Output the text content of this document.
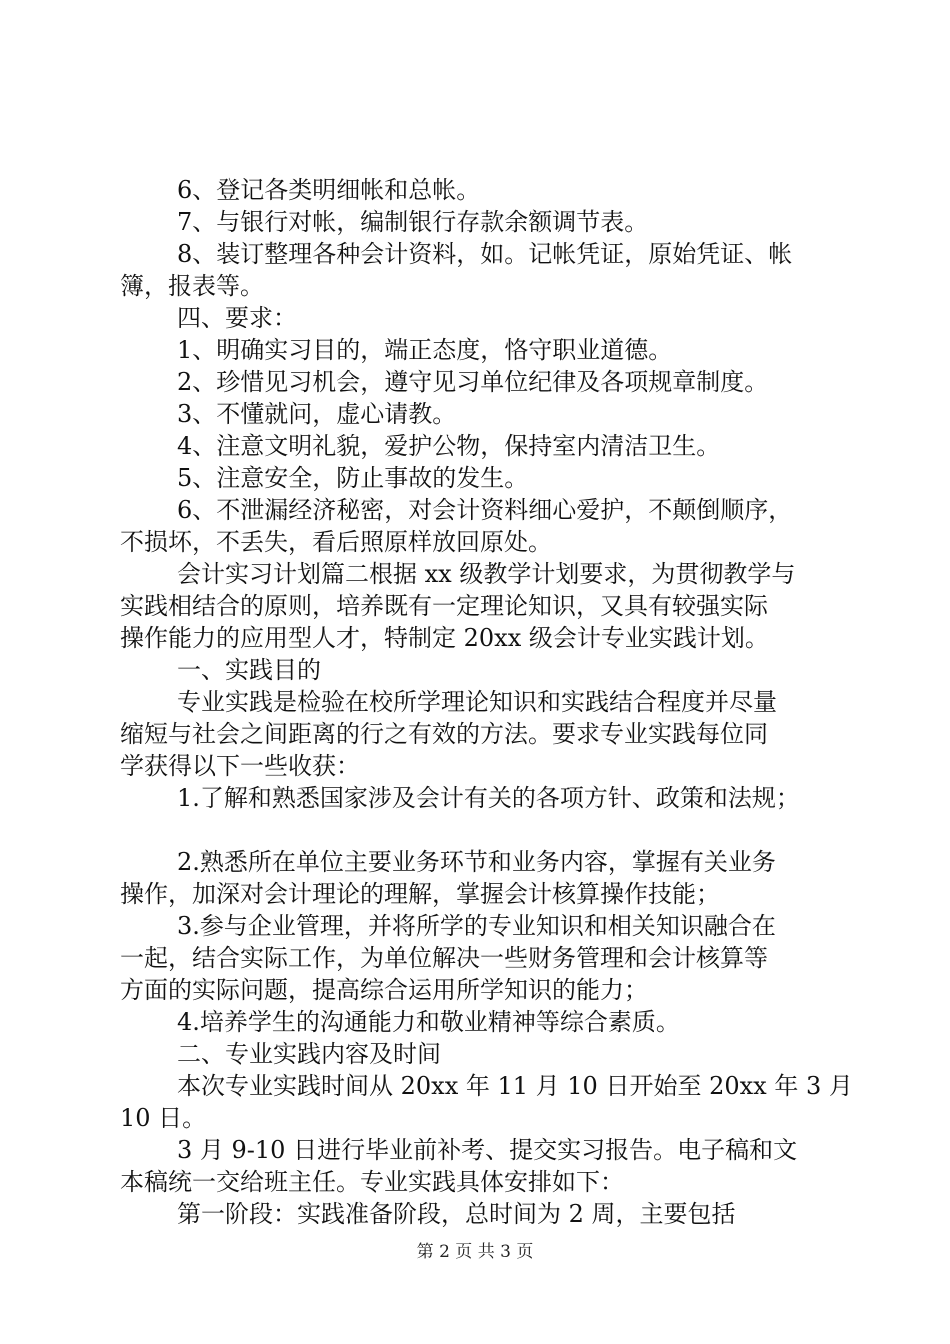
6、登记各类明细帐和总帐。
7、与银行对帐，编制银行存款余额调节表。
8、装订整理各种会计资料，如。记帐凭证，原始凭证、帐
簿，报表等。
四、要求：
1、明确实习目的，端正态度，恪守职业道德。
2、珍惜见习机会，遵守见习单位纪律及各项规章制度。
3、不懂就问，虚心请教。
4、注意文明礼貌，爱护公物，保持室内清洁卫生。
5、注意安全，防止事故的发生。
6、不泄漏经济秘密，对会计资料细心爱护，不颠倒顺序，
不损坏，不丢失，看后照原样放回原处。
会计实习计划篇二根据 xx 级教学计划要求，为贯彻教学与
实践相结合的原则，培养既有一定理论知识，又具有较强实际
操作能力的应用型人才，特制定 20xx 级会计专业实践计划。
一、实践目的
专业实践是检验在校所学理论知识和实践结合程度并尽量
缩短与社会之间距离的行之有效的方法。要求专业实践每位同
学获得以下一些收获：
1.了解和熟悉国家涉及会计有关的各项方针、政策和法规；
2.熟悉所在单位主要业务环节和业务内容，掌握有关业务
操作，加深对会计理论的理解，掌握会计核算操作技能；
3.参与企业管理，并将所学的专业知识和相关知识融合在
一起，结合实际工作，为单位解决一些财务管理和会计核算等
方面的实际问题，提高综合运用所学知识的能力；
4.培养学生的沟通能力和敬业精神等综合素质。
二、专业实践内容及时间
本次专业实践时间从 20xx 年 11 月 10 日开始至 20xx 年 3 月
10 日。
3 月 9-10 日进行毕业前补考、提交实习报告。电子稿和文
本稿统一交给班主任。专业实践具体安排如下：
第一阶段：实践准备阶段，总时间为 2 周，主要包括
第 2 页 共 3 页
